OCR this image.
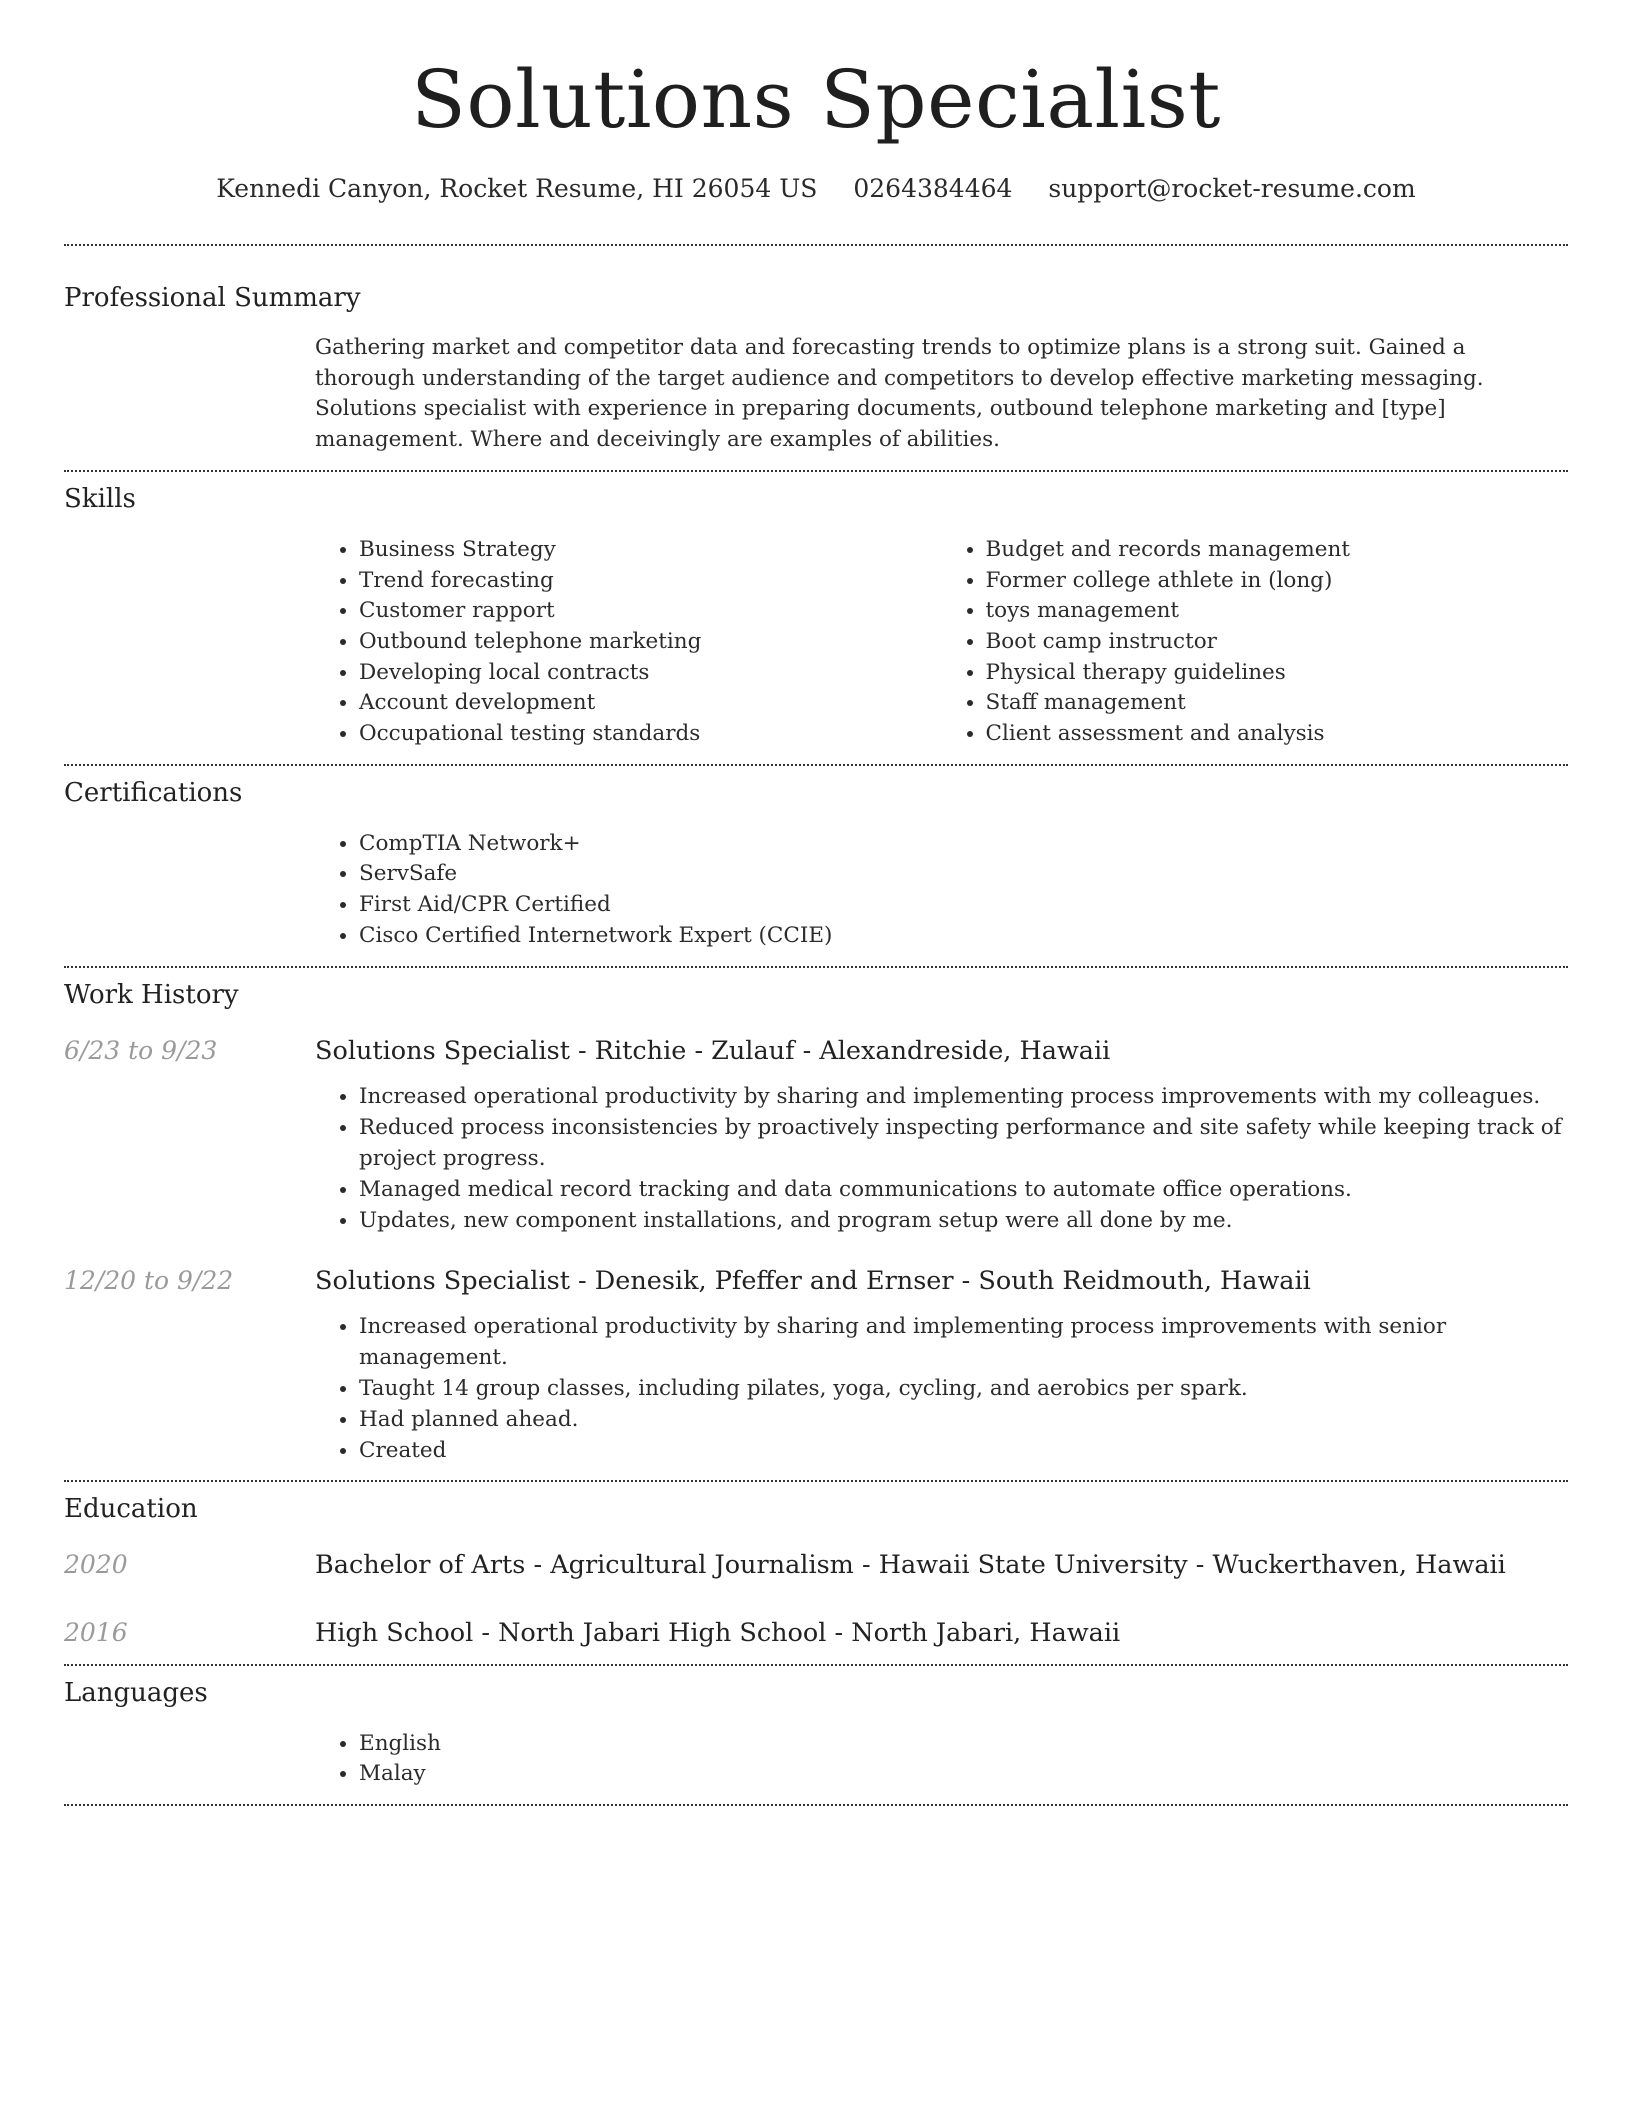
Solutions Specialist
Kennedi Canyon, Rocket Resume, HI 26054 US 0264384464 support@rocket-resume.com
Professional Summary
Gathering market and competitor data and forecasting trends to optimize plans is a strong suit. Gained a thorough understanding of the target audience and competitors to develop effective marketing messaging. Solutions specialist with experience in preparing documents, outbound telephone marketing and [type] management. Where and deceivingly are examples of abilities.
Skills
• Business Strategy
• Trend forecasting
• Customer rapport
• Outbound telephone marketing
• Developing local contracts
• Account development
• Occupational testing standards
• Budget and records management
• Former college athlete in (long)
• toys management
• Boot camp instructor
• Physical therapy guidelines
• Staff management
• Client assessment and analysis
Certifications
• CompTIA Network+
• ServSafe
• First Aid/CPR Certified
• Cisco Certified Internetwork Expert (CCIE)
Work History
6/23 to 9/23	Solutions Specialist - Ritchie - Zulauf - Alexandreside, Hawaii
• Increased operational productivity by sharing and implementing process improvements with my colleagues.
• Reduced process inconsistencies by proactively inspecting performance and site safety while keeping track of project progress.
• Managed medical record tracking and data communications to automate office operations.
• Updates, new component installations, and program setup were all done by me.
12/20 to 9/22	Solutions Specialist - Denesik, Pfeffer and Ernser - South Reidmouth, Hawaii
• Increased operational productivity by sharing and implementing process improvements with senior management.
• Taught 14 group classes, including pilates, yoga, cycling, and aerobics per spark.
• Had planned ahead.
• Created
Education
2020	Bachelor of Arts - Agricultural Journalism - Hawaii State University - Wuckerthaven, Hawaii
2016	High School - North Jabari High School - North Jabari, Hawaii
Languages
• English
• Malay
